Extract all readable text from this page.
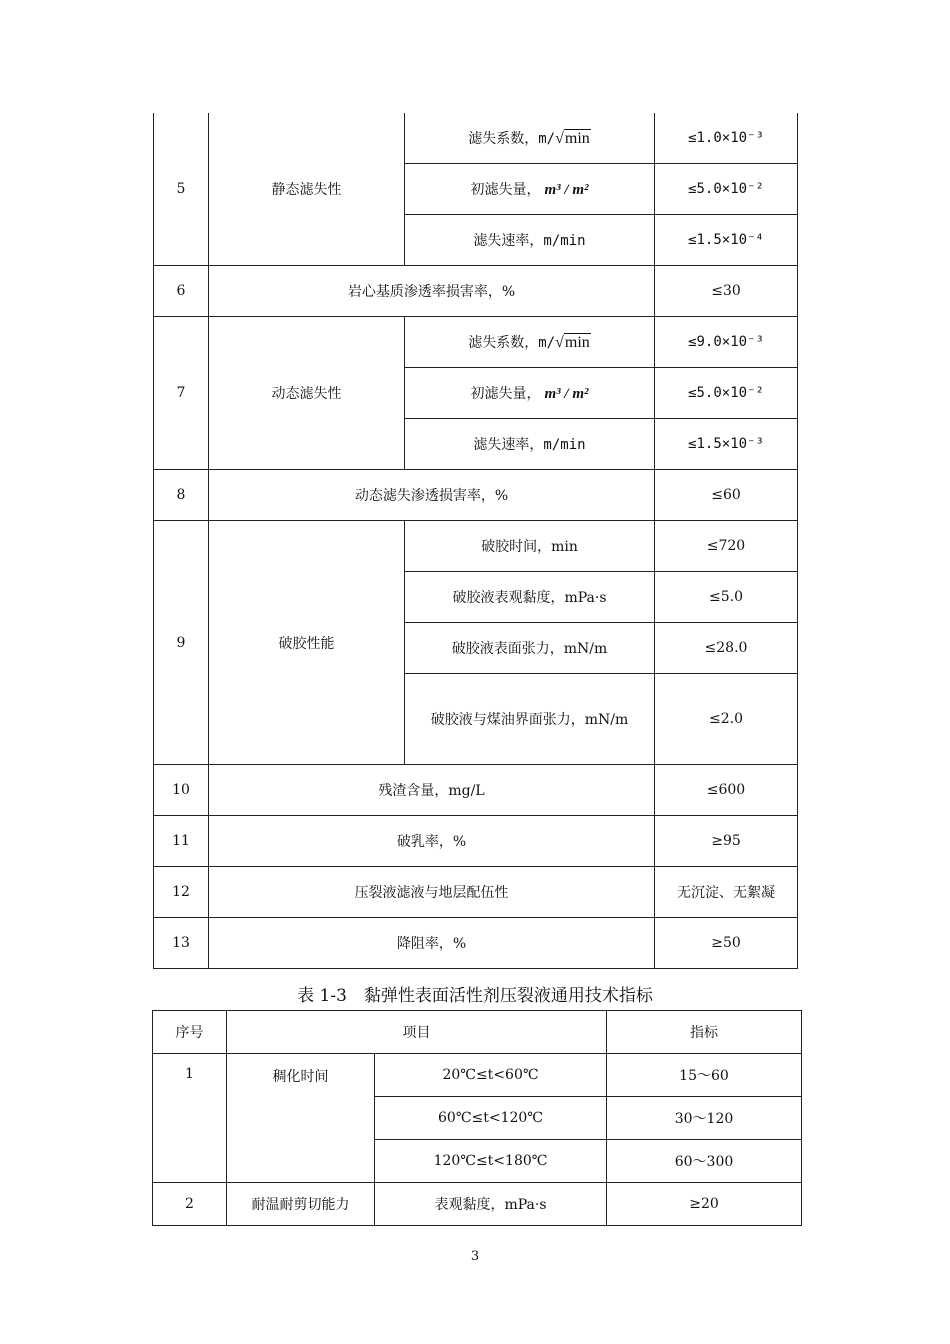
5	静态滤失性	滤失系数，m/√min	≤1.0×10⁻³
		初滤失量， m³ / m²	≤5.0×10⁻²
		滤失速率，m/min	≤1.5×10⁻⁴
6	岩心基质渗透率损害率，%		≤30
7	动态滤失性	滤失系数，m/√min	≤9.0×10⁻³
		初滤失量， m³ / m²	≤5.0×10⁻²
		滤失速率，m/min	≤1.5×10⁻³
8	动态滤失渗透损害率，%		≤60
9	破胶性能	破胶时间，min	≤720
		破胶液表观黏度，mPa·s	≤5.0
		破胶液表面张力，mN/m	≤28.0
		破胶液与煤油界面张力，mN/m	≤2.0
10	残渣含量，mg/L		≤600
11	破乳率，%		≥95
12	压裂液滤液与地层配伍性		无沉淀、无絮凝
13	降阻率，%		≥50
表 1-3　黏弹性表面活性剂压裂液通用技术指标
序号	项目		指标
1	稠化时间	20℃≤t<60℃	15～60
		60℃≤t<120℃	30～120
		120℃≤t<180℃	60～300
2	耐温耐剪切能力	表观黏度，mPa·s	≥20
3
